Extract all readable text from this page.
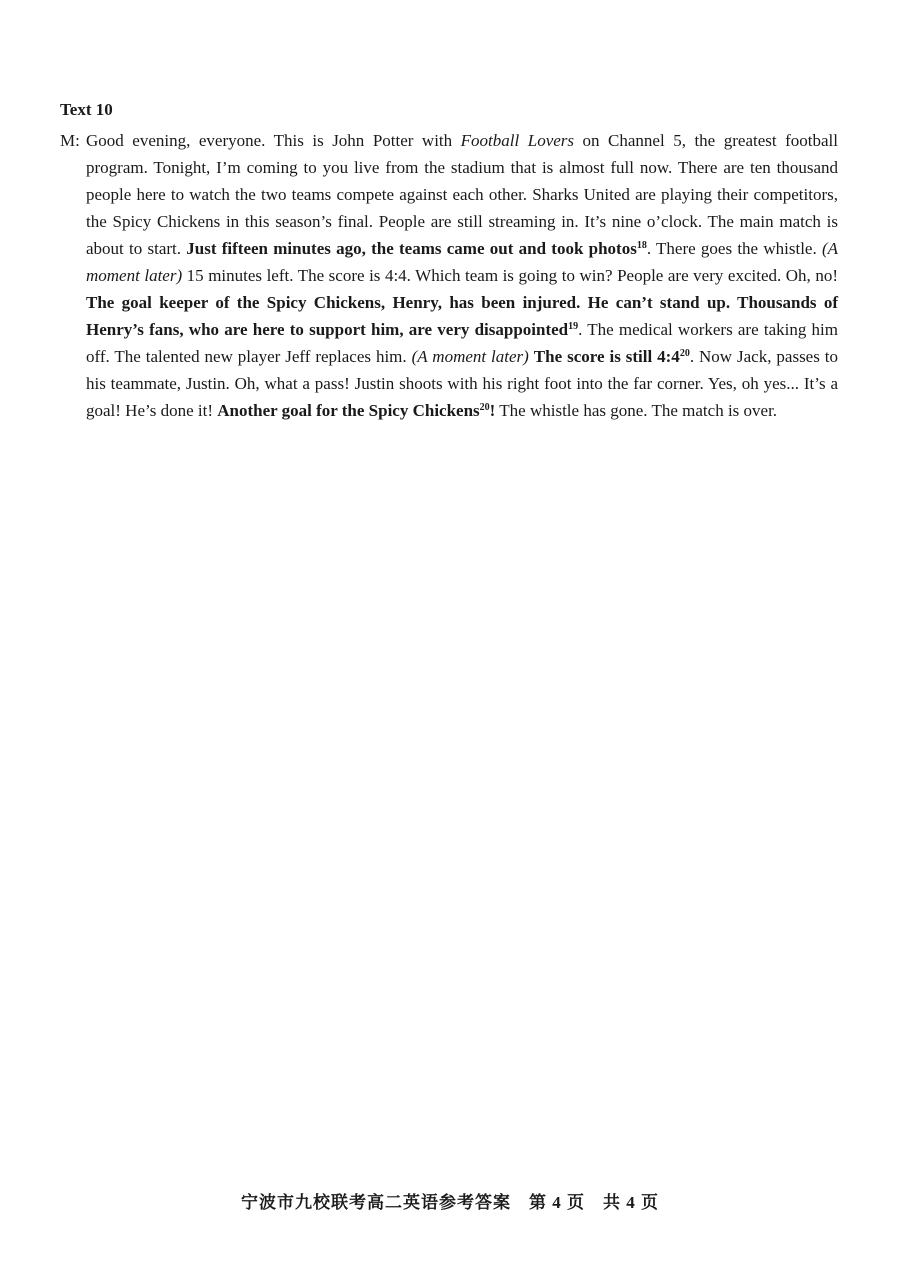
Text 10
M: Good evening, everyone. This is John Potter with Football Lovers on Channel 5, the greatest football program. Tonight, I’m coming to you live from the stadium that is almost full now. There are ten thousand people here to watch the two teams compete against each other. Sharks United are playing their competitors, the Spicy Chickens in this season’s final. People are still streaming in. It’s nine o’clock. The main match is about to start. Just fifteen minutes ago, the teams came out and took photos$^{18}$. There goes the whistle. (A moment later) 15 minutes left. The score is 4:4. Which team is going to win? People are very excited. Oh, no! The goal keeper of the Spicy Chickens, Henry, has been injured. He can’t stand up. Thousands of Henry’s fans, who are here to support him, are very disappointed$^{19}$. The medical workers are taking him off. The talented new player Jeff replaces him. (A moment later) The score is still $4:4^{20}$. Now Jack, passes to his teammate, Justin. Oh, what a pass! Justin shoots with his right foot into the far corner. Yes, oh yes... It’s a goal! He’s done it! Another goal for the Spicy Chickens$^{20}$! The whistle has gone. The match is over.
宁波市九校联考高二英语参考答案　第 4 页　共 4 页
